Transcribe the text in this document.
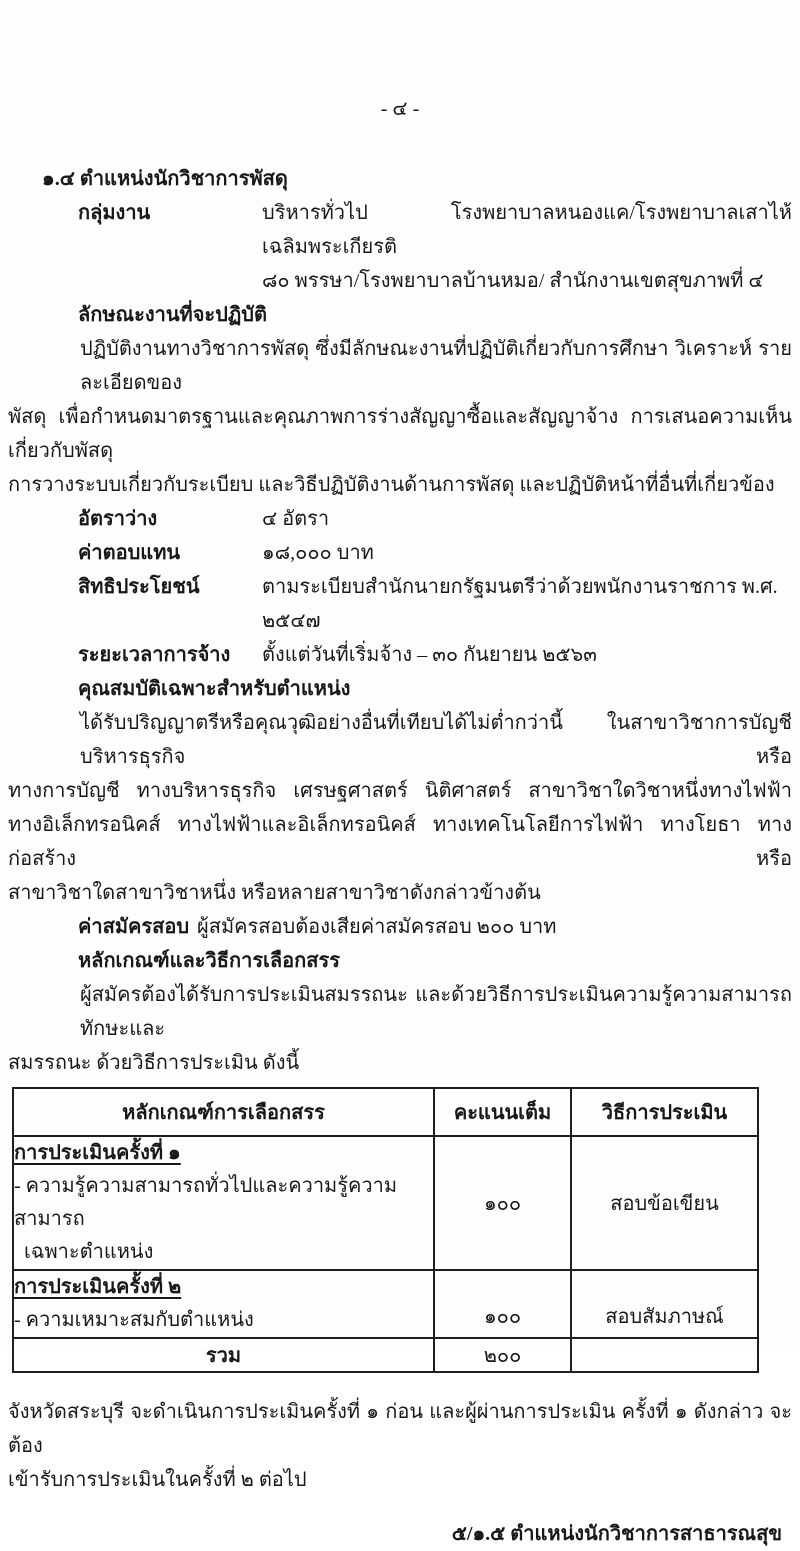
- ๔ -
๑.๔ ตำแหน่งนักวิชาการพัสดุ
กลุ่มงาน	บริหารทั่วไป โรงพยาบาลหนองแค/โรงพยาบาลเสาไห้เฉลิมพระเกียรติ
๘๐ พรรษา/โรงพยาบาลบ้านหมอ/ สำนักงานเขตสุขภาพที่ ๔
ลักษณะงานที่จะปฏิบัติ
ปฏิบัติงานทางวิชาการพัสดุ ซึ่งมีลักษณะงานที่ปฏิบัติเกี่ยวกับการศึกษา วิเคราะห์ รายละเอียดของ
พัสดุ เพื่อกำหนดมาตรฐานและคุณภาพการร่างสัญญาซื้อและสัญญาจ้าง การเสนอความเห็นเกี่ยวกับพัสดุ
การวางระบบเกี่ยวกับระเบียบ และวิธีปฏิบัติงานด้านการพัสดุ และปฏิบัติหน้าที่อื่นที่เกี่ยวข้อง
อัตราว่าง	๔ อัตรา
ค่าตอบแทน	๑๘,๐๐๐ บาท
สิทธิประโยชน์	ตามระเบียบสำนักนายกรัฐมนตรีว่าด้วยพนักงานราชการ พ.ศ. ๒๕๔๗
ระยะเวลาการจ้าง	ตั้งแต่วันที่เริ่มจ้าง – ๓๐ กันยายน ๒๕๖๓
คุณสมบัติเฉพาะสำหรับตำแหน่ง
ได้รับปริญญาตรีหรือคุณวุฒิอย่างอื่นที่เทียบได้ไม่ต่ำกว่านี้ ในสาขาวิชาการบัญชี บริหารธุรกิจ หรือ
ทางการบัญชี ทางบริหารธุรกิจ เศรษฐศาสตร์ นิติศาสตร์ สาขาวิชาใดวิชาหนึ่งทางไฟฟ้า
ทางอิเล็กทรอนิคส์ ทางไฟฟ้าและอิเล็กทรอนิคส์ ทางเทคโนโลยีการไฟฟ้า ทางโยธา ทางก่อสร้าง หรือ
สาขาวิชาใดสาขาวิชาหนึ่ง หรือหลายสาขาวิชาดังกล่าวข้างต้น
ค่าสมัครสอบ ผู้สมัครสอบต้องเสียค่าสมัครสอบ ๒๐๐ บาท
หลักเกณฑ์และวิธีการเลือกสรร
ผู้สมัครต้องได้รับการประเมินสมรรถนะ และด้วยวิธีการประเมินความรู้ความสามารถ ทักษะและ
สมรรถนะ ด้วยวิธีการประเมิน ดังนี้
หลักเกณฑ์การเลือกสรร	คะแนนเต็ม	วิธีการประเมิน

การประเมินครั้งที่ ๑
- ความรู้ความสามารถทั่วไปและความรู้ความสามารถ
เฉพาะตำแหน่ง	๑๐๐	สอบข้อเขียน

การประเมินครั้งที่ ๒
- ความเหมาะสมกับตำแหน่ง	๑๐๐	สอบสัมภาษณ์
รวม	๒๐๐	
จังหวัดสระบุรี จะดำเนินการประเมินครั้งที่ ๑ ก่อน และผู้ผ่านการประเมิน ครั้งที่ ๑ ดังกล่าว จะต้อง
เข้ารับการประเมินในครั้งที่ ๒ ต่อไป
๕/๑.๕ ตำแหน่งนักวิชาการสาธารณสุข
